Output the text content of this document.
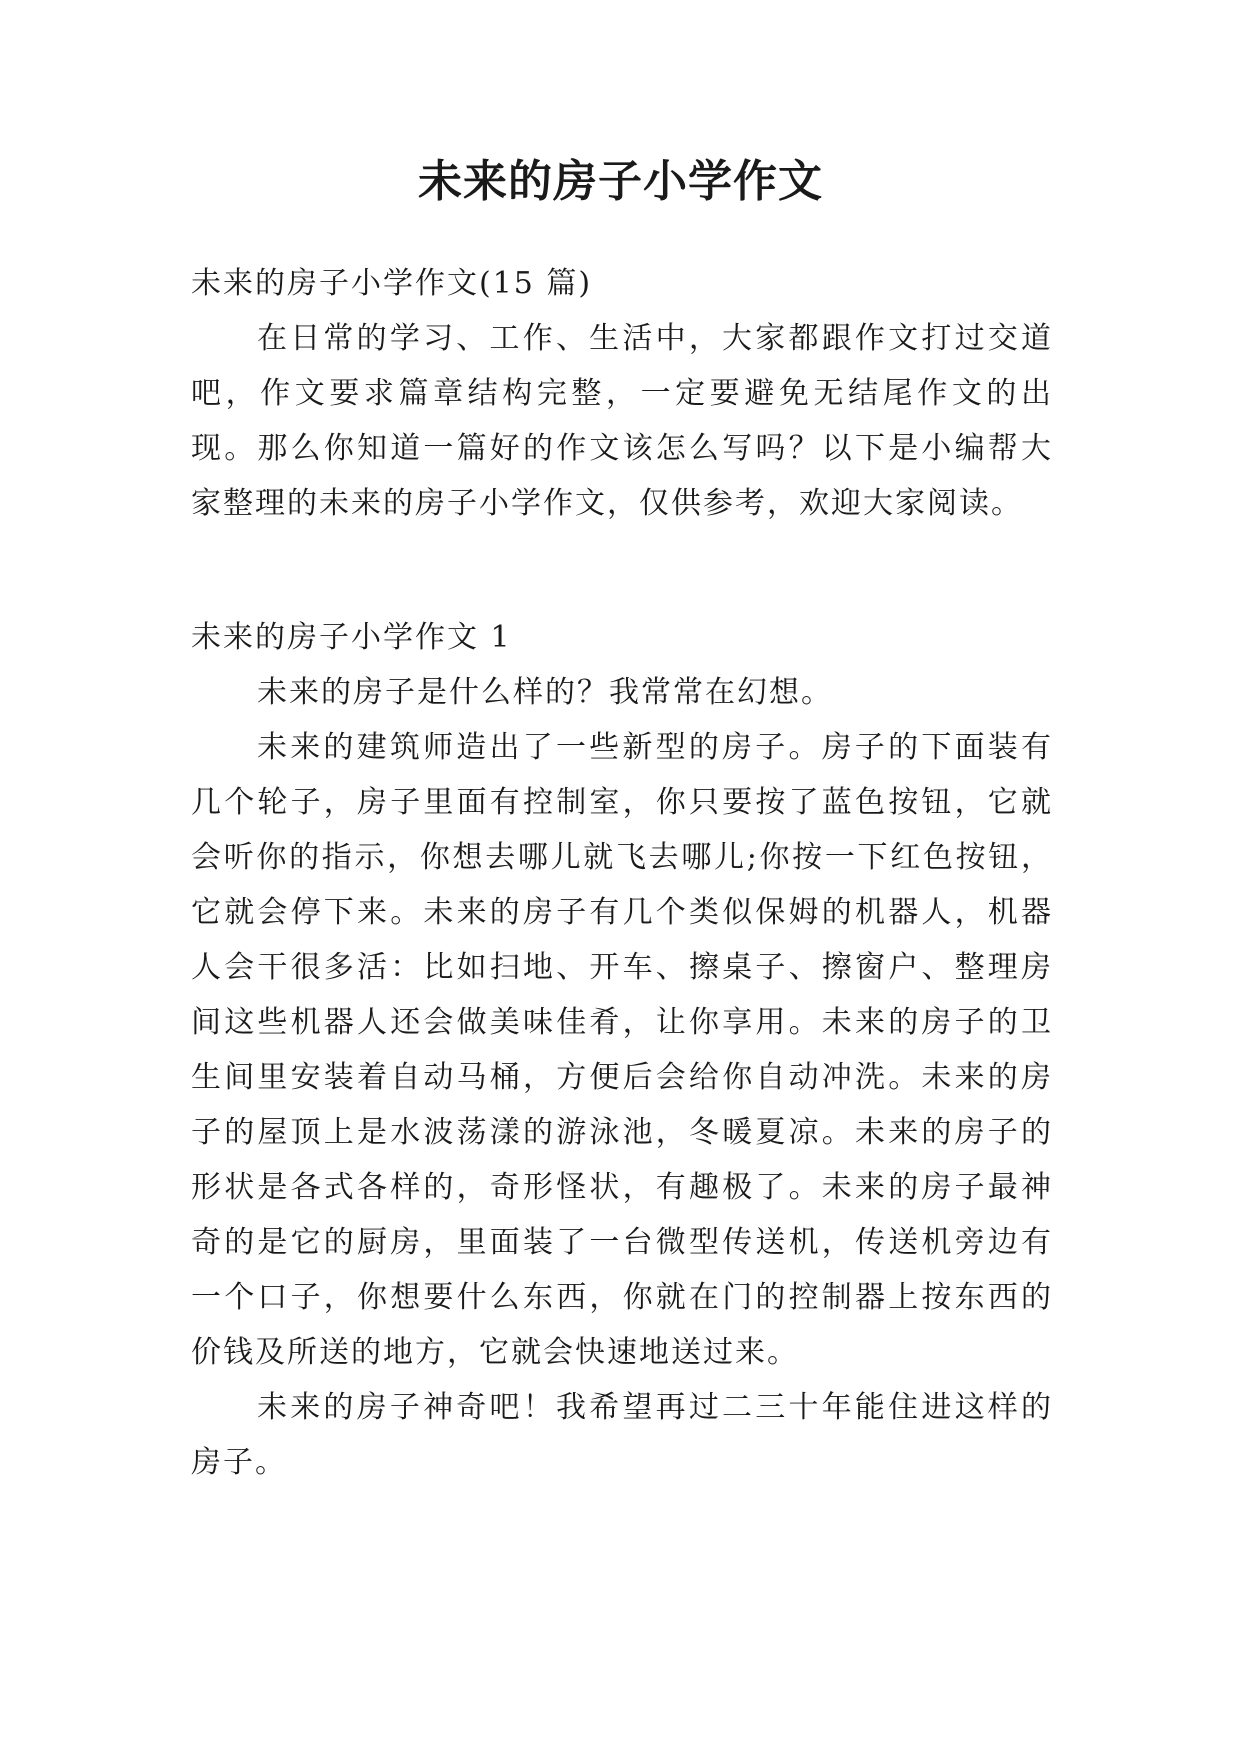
未来的房子小学作文

未来的房子小学作文(15 篇)

在日常的学习、工作、生活中，大家都跟作文打过交道吧，作文要求篇章结构完整，一定要避免无结尾作文的出现。那么你知道一篇好的作文该怎么写吗？以下是小编帮大家整理的未来的房子小学作文，仅供参考，欢迎大家阅读。

未来的房子小学作文 1

未来的房子是什么样的？我常常在幻想。

未来的建筑师造出了一些新型的房子。房子的下面装有几个轮子，房子里面有控制室，你只要按了蓝色按钮，它就会听你的指示，你想去哪儿就飞去哪儿;你按一下红色按钮，它就会停下来。未来的房子有几个类似保姆的机器人，机器人会干很多活：比如扫地、开车、擦桌子、擦窗户、整理房间这些机器人还会做美味佳肴，让你享用。未来的房子的卫生间里安装着自动马桶，方便后会给你自动冲洗。未来的房子的屋顶上是水波荡漾的游泳池，冬暖夏凉。未来的房子的形状是各式各样的，奇形怪状，有趣极了。未来的房子最神奇的是它的厨房，里面装了一台微型传送机，传送机旁边有一个口子，你想要什么东西，你就在门的控制器上按东西的价钱及所送的地方，它就会快速地送过来。

未来的房子神奇吧！我希望再过二三十年能住进这样的房子。
